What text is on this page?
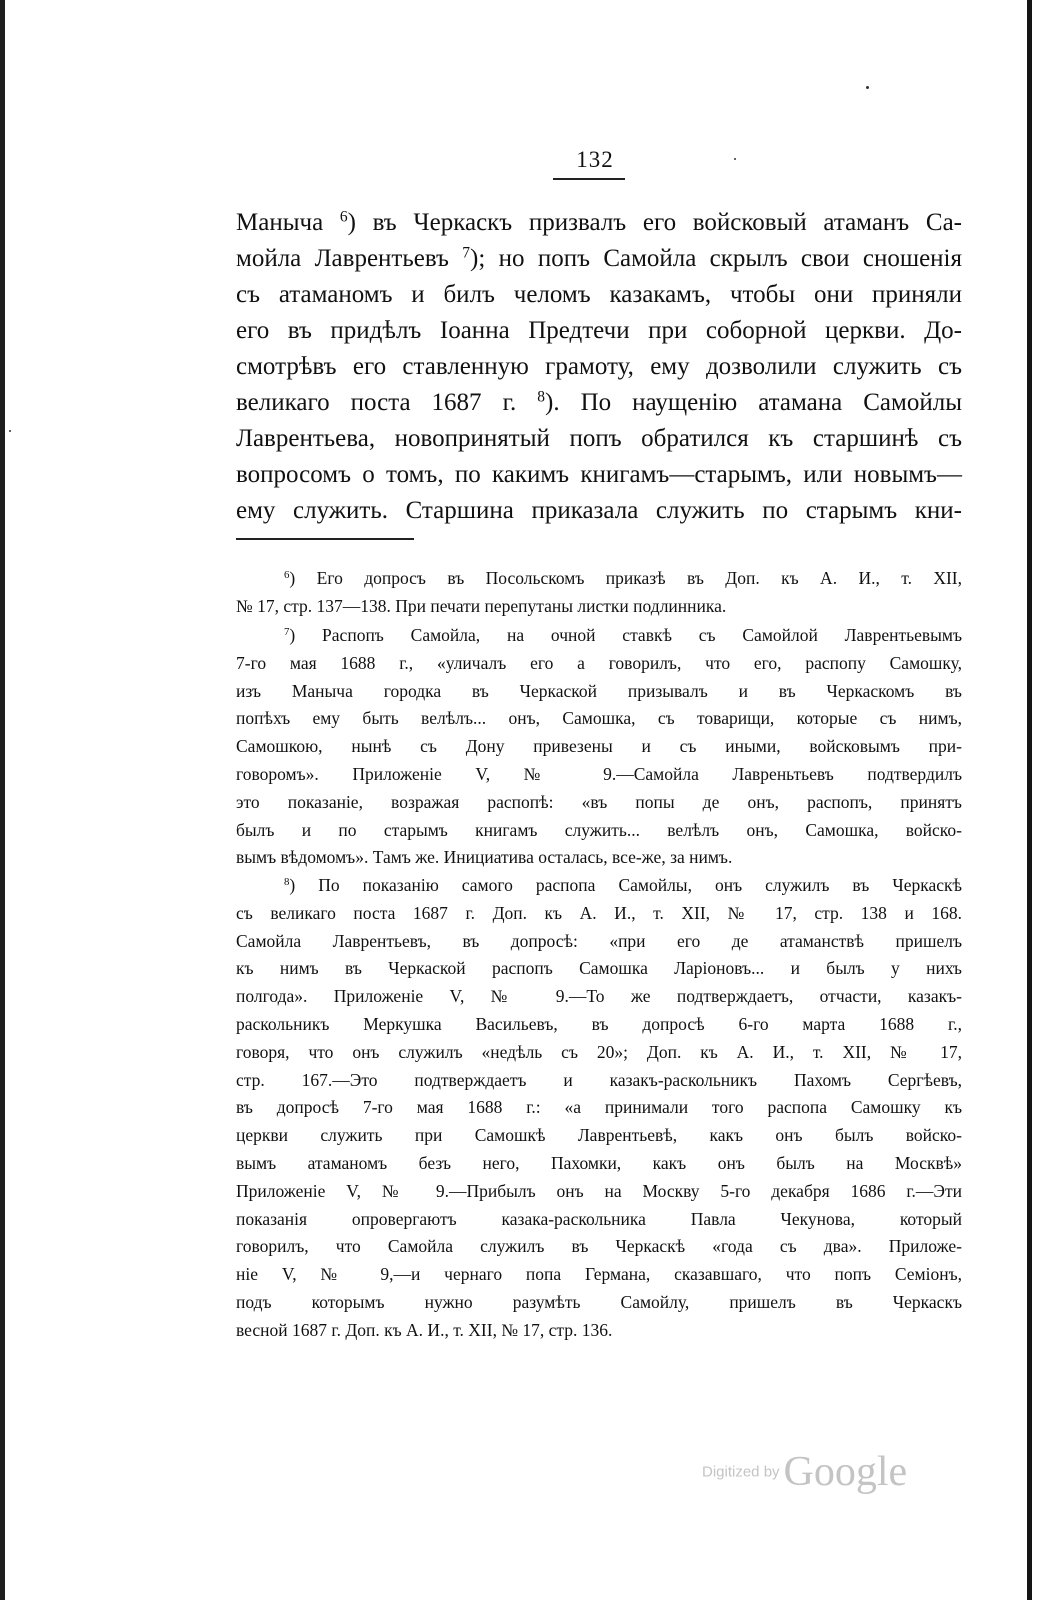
132
Маныча $^6$) въ Черкаскъ призвалъ его войсковый атаманъ Са-
мойла Лаврентьевъ $^7$); но попъ Самойла скрылъ свои сношенія
съ атаманомъ и билъ челомъ казакамъ, чтобы они приняли
его въ придѣлъ Іоанна Предтечи при соборной церкви. До-
смотрѣвъ его ставленную грамоту, ему дозволили служить съ
великаго поста 1687 г. $^8$). По наущенію атамана Самойлы
Лаврентьева, новопринятый попъ обратился къ старшинѣ съ
вопросомъ о томъ, по какимъ книгамъ—старымъ, или новымъ—
ему служить. Старшина приказала служить по старымъ кни-
$^6$) Его допросъ въ Посольскомъ приказѣ въ Доп. къ А. И., т. XII,
№ 17, стр. 137—138. При печати перепутаны листки подлинника.
$^7$) Распопъ Самойла, на очной ставкѣ съ Самойлой Лаврентьевымъ
7-го мая 1688 г., «уличалъ его а говорилъ, что его, распопу Самошку,
изъ Маныча городка въ Черкаской призывалъ и въ Черкаскомъ въ
попѣхъ ему быть велѣлъ... онъ, Самошка, съ товарищи, которые съ нимъ,
Самошкою, нынѣ съ Дону привезены и съ иными, войсковымъ при-
говоромъ». Приложеніе V, № 9.—Самойла Лавреньтьевъ подтвердилъ
это показаніе, возражая распопѣ: «въ попы де онъ, распопъ, принятъ
былъ и по старымъ книгамъ служить... велѣлъ онъ, Самошка, войско-
вымъ вѣдомомъ». Тамъ же. Инициатива осталась, все-же, за нимъ.
$^8$) По показанію самого распопа Самойлы, онъ служилъ въ Черкаскѣ
съ великаго поста 1687 г. Доп. къ А. И., т. XII, № 17, стр. 138 и 168.
Самойла Лаврентьевъ, въ допросѣ: «при его де атаманствѣ пришелъ
къ нимъ въ Черкаской распопъ Самошка Ларіоновъ... и былъ у нихъ
полгода». Приложеніе V, № 9.—То же подтверждаетъ, отчасти, казакъ-
раскольникъ Меркушка Васильевъ, въ допросѣ 6-го марта 1688 г.,
говоря, что онъ служилъ «недѣль съ 20»; Доп. къ А. И., т. XII, № 17,
стр. 167.—Это подтверждаетъ и казакъ-раскольникъ Пахомъ Сергѣевъ,
въ допросѣ 7-го мая 1688 г.: «а принимали того распопа Самошку къ
церкви служить при Самошкѣ Лаврентьевѣ, какъ онъ былъ войско-
вымъ атаманомъ безъ него, Пахомки, какъ онъ былъ на Москвѣ»
Приложеніе V, № 9.—Прибылъ онъ на Москву 5-го декабря 1686 г.—Эти
показанія опровергаютъ казака-раскольника Павла Чекунова, который
говорилъ, что Самойла служилъ въ Черкаскѣ «года съ два». Приложе-
ніе V, № 9,—и чернаго попа Германа, сказавшаго, что попъ Семіонъ,
подъ которымъ нужно разумѣть Самойлу, пришелъ въ Черкаскъ
весной 1687 г. Доп. къ А. И., т. XII, № 17, стр. 136.
Digitized by Google
